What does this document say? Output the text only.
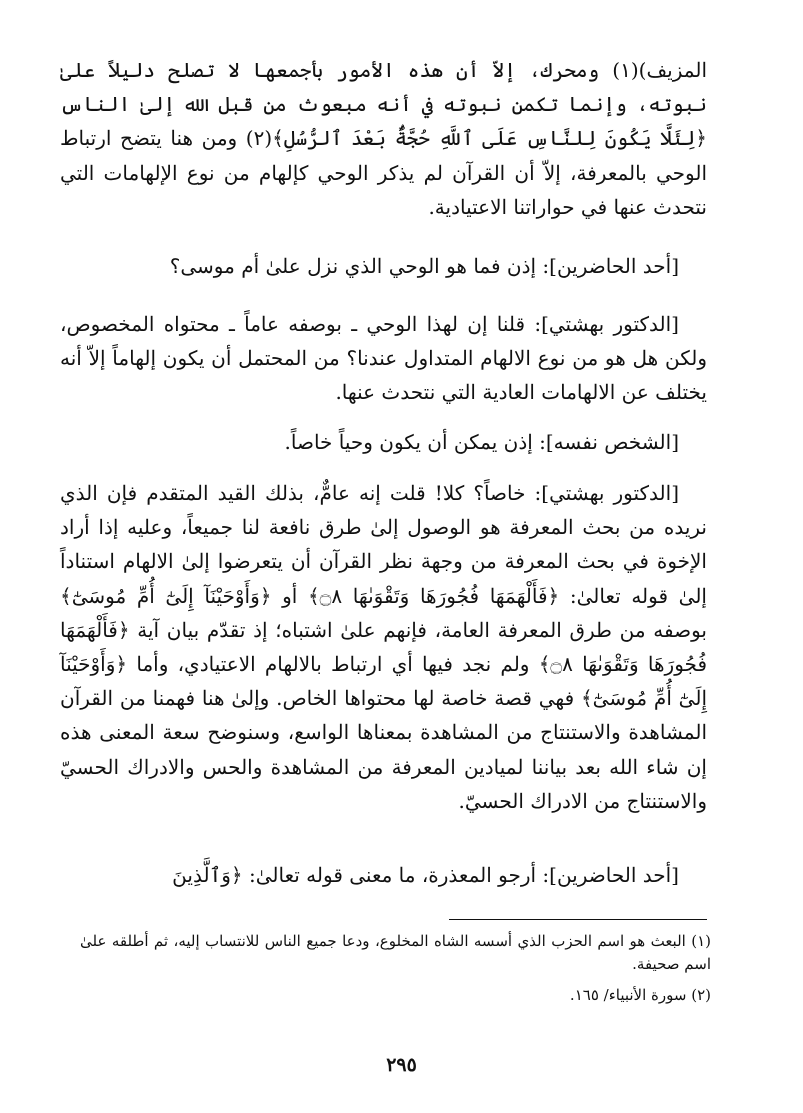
المزيف)(١) ومحرك، إلاّ أن هذه الأمور بأجمعها لا تصلح دليلاً علىٰ نبوته، وإنما تكمن نبوته في أنه مبعوث من قبل الله إلىٰ الناس ﴿لِئَلَّا يَكُونَ لِلنَّاسِ عَلَى ٱللَّهِ حُجَّةٌۢ بَعْدَ ٱلرُّسُلِ﴾(٢) ومن هنا يتضح ارتباط الوحي بالمعرفة، إلاّ أن القرآن لم يذكر الوحي كإلهام من نوع الإلهامات التي نتحدث عنها في حواراتنا الاعتيادية.

[أحد الحاضرين]: إذن فما هو الوحي الذي نزل علىٰ أم موسى؟

[الدكتور بهشتي]: قلنا إن لهذا الوحي ـ بوصفه عاماً ـ محتواه المخصوص، ولكن هل هو من نوع الالهام المتداول عندنا؟ من المحتمل أن يكون إلهاماً إلاّ أنه يختلف عن الالهامات العادية التي نتحدث عنها.

[الشخص نفسه]: إذن يمكن أن يكون وحياً خاصاً.

[الدكتور بهشتي]: خاصاً؟ كلا! قلت إنه عامٌّ، بذلك القيد المتقدم فإن الذي نريده من بحث المعرفة هو الوصول إلىٰ طرق نافعة لنا جميعاً، وعليه إذا أراد الإخوة في بحث المعرفة من وجهة نظر القرآن أن يتعرضوا إلىٰ الالهام استناداً إلىٰ قوله تعالىٰ: ﴿فَأَلْهَمَهَا فُجُورَهَا وَتَقْوَىٰهَا ۝٨﴾ أو ﴿وَأَوْحَيْنَآ إِلَىٰٓ أُمِّ مُوسَىٰٓ﴾ بوصفه من طرق المعرفة العامة، فإنهم علىٰ اشتباه؛ إذ تقدّم بيان آية ﴿فَأَلْهَمَهَا فُجُورَهَا وَتَقْوَىٰهَا ۝٨﴾ ولم نجد فيها أي ارتباط بالالهام الاعتيادي، وأما ﴿وَأَوْحَيْنَآ إِلَىٰٓ أُمِّ مُوسَىٰٓ﴾ فهي قصة خاصة لها محتواها الخاص. وإلىٰ هنا فهمنا من القرآن المشاهدة والاستنتاج من المشاهدة بمعناها الواسع، وسنوضح سعة المعنى هذه إن شاء الله بعد بياننا لميادين المعرفة من المشاهدة والحس والادراك الحسيّ والاستنتاج من الادراك الحسيّ.

[أحد الحاضرين]: أرجو المعذرة، ما معنى قوله تعالىٰ: ﴿وَٱلَّذِينَ

(١) البعث هو اسم الحزب الذي أسسه الشاه المخلوع، ودعا جميع الناس للانتساب إليه، ثم أطلقه علىٰ اسم صحيفة.

(٢) سورة الأنبياء/ ١٦٥.

٢٩٥
